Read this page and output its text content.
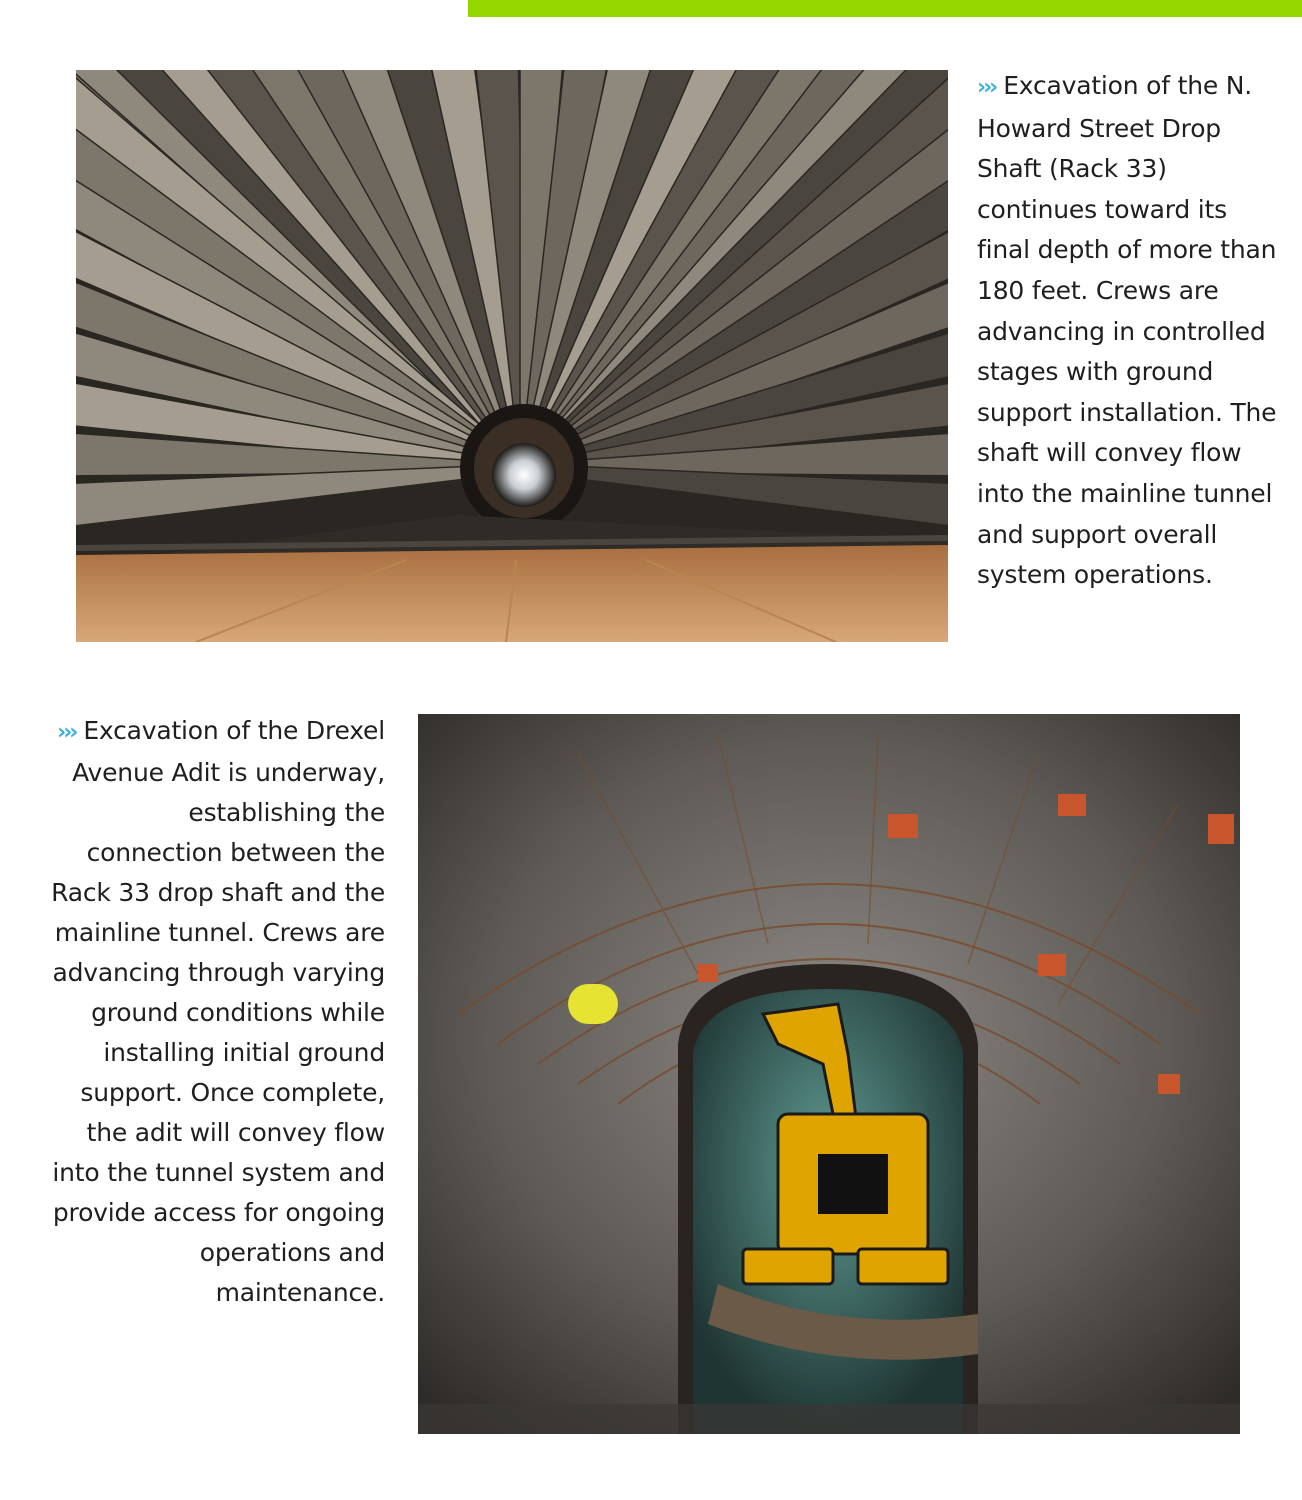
››› Excavation of the N. Howard Street Drop Shaft (Rack 33) continues toward its final depth of more than 180 feet. Crews are advancing in controlled stages with ground support installation. The shaft will convey flow into the mainline tunnel and support overall system operations.
››› Excavation of the Drexel Avenue Adit is underway, establishing the connection between the Rack 33 drop shaft and the mainline tunnel. Crews are advancing through varying ground conditions while installing initial ground support. Once complete, the adit will convey flow into the tunnel system and provide access for ongoing operations and maintenance.
